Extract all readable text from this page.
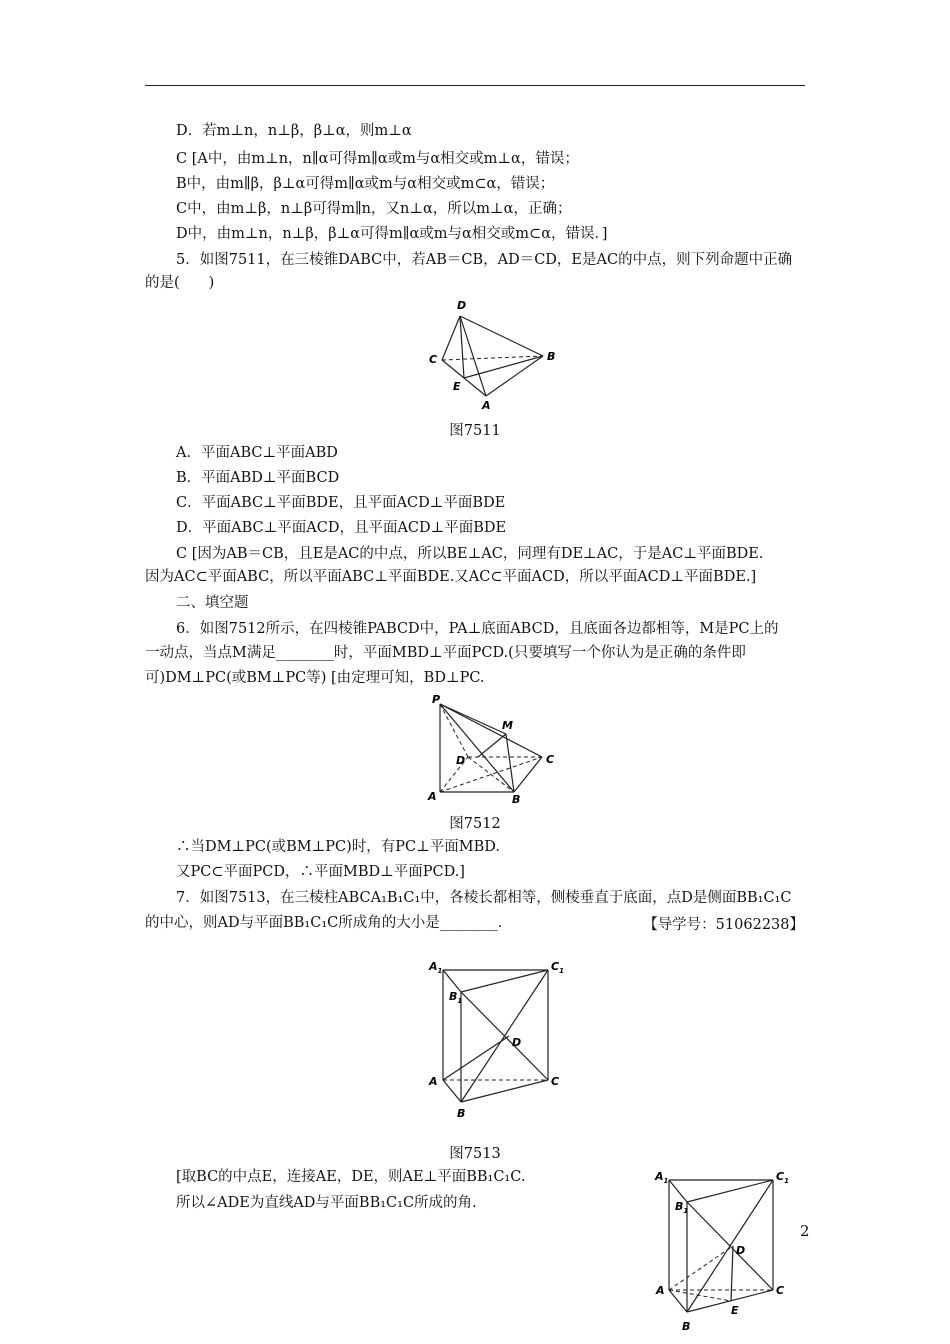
D．若m⊥n，n⊥β，β⊥α，则m⊥α
C [A中，由m⊥n，n∥α可得m∥α或m与α相交或m⊥α，错误；
B中，由m∥β，β⊥α可得m∥α或m与α相交或m⊂α，错误；
C中，由m⊥β，n⊥β可得m∥n，又n⊥α，所以m⊥α，正确；
D中，由m⊥n，n⊥β，β⊥α可得m∥α或m与α相交或m⊂α，错误．]
5．如图7511，在三棱锥DABC中，若AB＝CB，AD＝CD，E是AC的中点，则下列命题中正确
的是(　　)
D
C	B
E
A
图7511
A．平面ABC⊥平面ABD
B．平面ABD⊥平面BCD
C．平面ABC⊥平面BDE，且平面ACD⊥平面BDE
D．平面ABC⊥平面ACD，且平面ACD⊥平面BDE
C [因为AB＝CB，且E是AC的中点，所以BE⊥AC，同理有DE⊥AC，于是AC⊥平面BDE.
因为AC⊂平面ABC，所以平面ABC⊥平面BDE.又AC⊂平面ACD，所以平面ACD⊥平面BDE.]
二、填空题
6．如图7512所示，在四棱锥PABCD中，PA⊥底面ABCD，且底面各边都相等，M是PC上的
一动点，当点M满足________时，平面MBD⊥平面PCD.(只要填写一个你认为是正确的条件即
可)DM⊥PC(或BM⊥PC等) [由定理可知，BD⊥PC.
P
M
D	C
A	B
图7512
∴当DM⊥PC(或BM⊥PC)时，有PC⊥平面MBD.
又PC⊂平面PCD，∴平面MBD⊥平面PCD.]
7．如图7513，在三棱柱ABCA₁B₁C₁中，各棱长都相等，侧棱垂直于底面，点D是侧面BB₁C₁C
的中心，则AD与平面BB₁C₁C所成角的大小是________.	【导学号：51062238】
$A_1$	$C_1$
$B_1$
D
A	C
B
图7513
[取BC的中点E，连接AE，DE，则AE⊥平面BB₁C₁C.
所以∠ADE为直线AD与平面BB₁C₁C所成的角.
$A_1$	$C_1$
$B_1$
D
A	C
E
B
2
